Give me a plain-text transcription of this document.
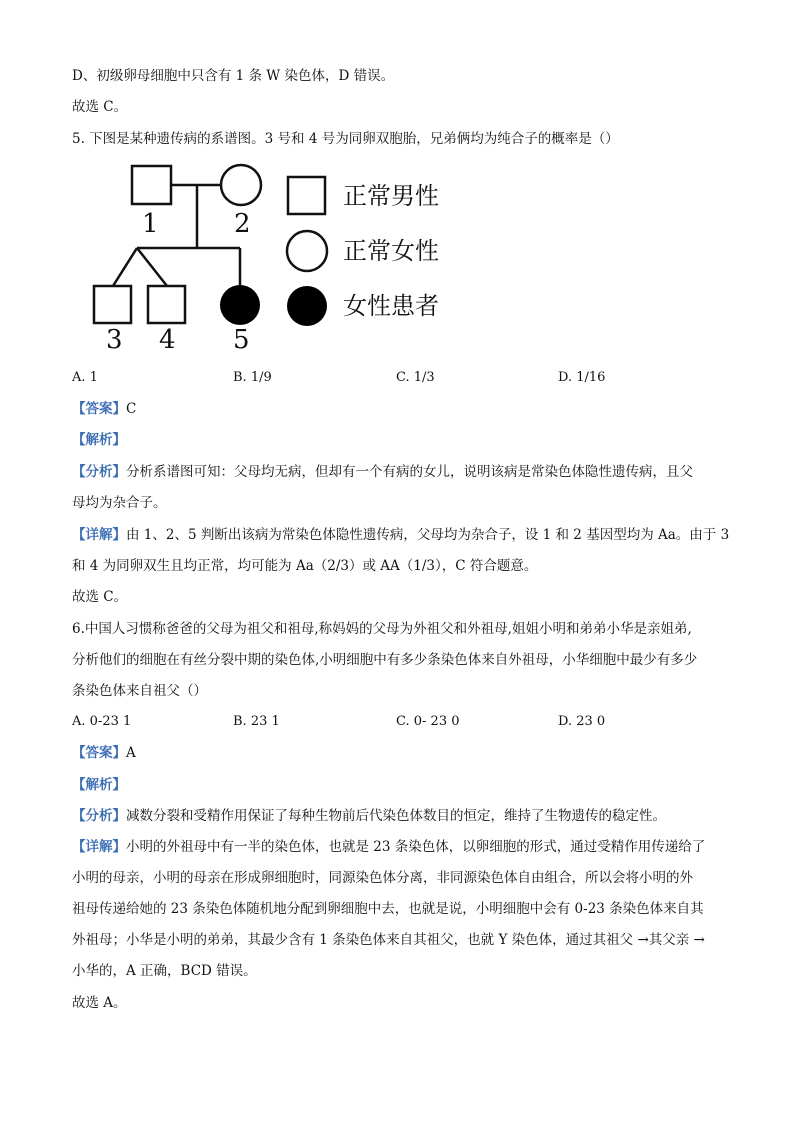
D、初级卵母细胞中只含有 1 条 W 染色体，D 错误。
故选 C。
5. 下图是某种遗传病的系谱图。3 号和 4 号为同卵双胞胎，兄弟俩均为纯合子的概率是（）
1	2
3 4 5
正常男性
正常女性
女性患者
A. 1	B. 1/9	C. 1/3	D. 1/16
【答案】C
【解析】
【分析】分析系谱图可知：父母均无病，但却有一个有病的女儿，说明该病是常染色体隐性遗传病，且父
母均为杂合子。
【详解】由 1、2、5 判断出该病为常染色体隐性遗传病，父母均为杂合子，设 1 和 2 基因型均为 Aa。由于 3
和 4 为同卵双生且均正常，均可能为 Aa（2/3）或 AA（1/3），C 符合题意。
故选 C。
6.中国人习惯称爸爸的父母为祖父和祖母,称妈妈的父母为外祖父和外祖母,姐姐小明和弟弟小华是亲姐弟,
分析他们的细胞在有丝分裂中期的染色体,小明细胞中有多少条染色体来自外祖母，小华细胞中最少有多少
条染色体来自祖父（）
A. 0-23 1	B. 23 1	C. 0- 23 0	D. 23 0
【答案】A
【解析】
【分析】减数分裂和受精作用保证了每种生物前后代染色体数目的恒定，维持了生物遗传的稳定性。
【详解】小明的外祖母中有一半的染色体，也就是 23 条染色体，以卵细胞的形式，通过受精作用传递给了
小明的母亲，小明的母亲在形成卵细胞时，同源染色体分离，非同源染色体自由组合，所以会将小明的外
祖母传递给她的 23 条染色体随机地分配到卵细胞中去，也就是说，小明细胞中会有 0-23 条染色体来自其
外祖母；小华是小明的弟弟，其最少含有 1 条染色体来自其祖父，也就 Y 染色体，通过其祖父 →其父亲 →
小华的，A 正确，BCD 错误。
故选 A。
